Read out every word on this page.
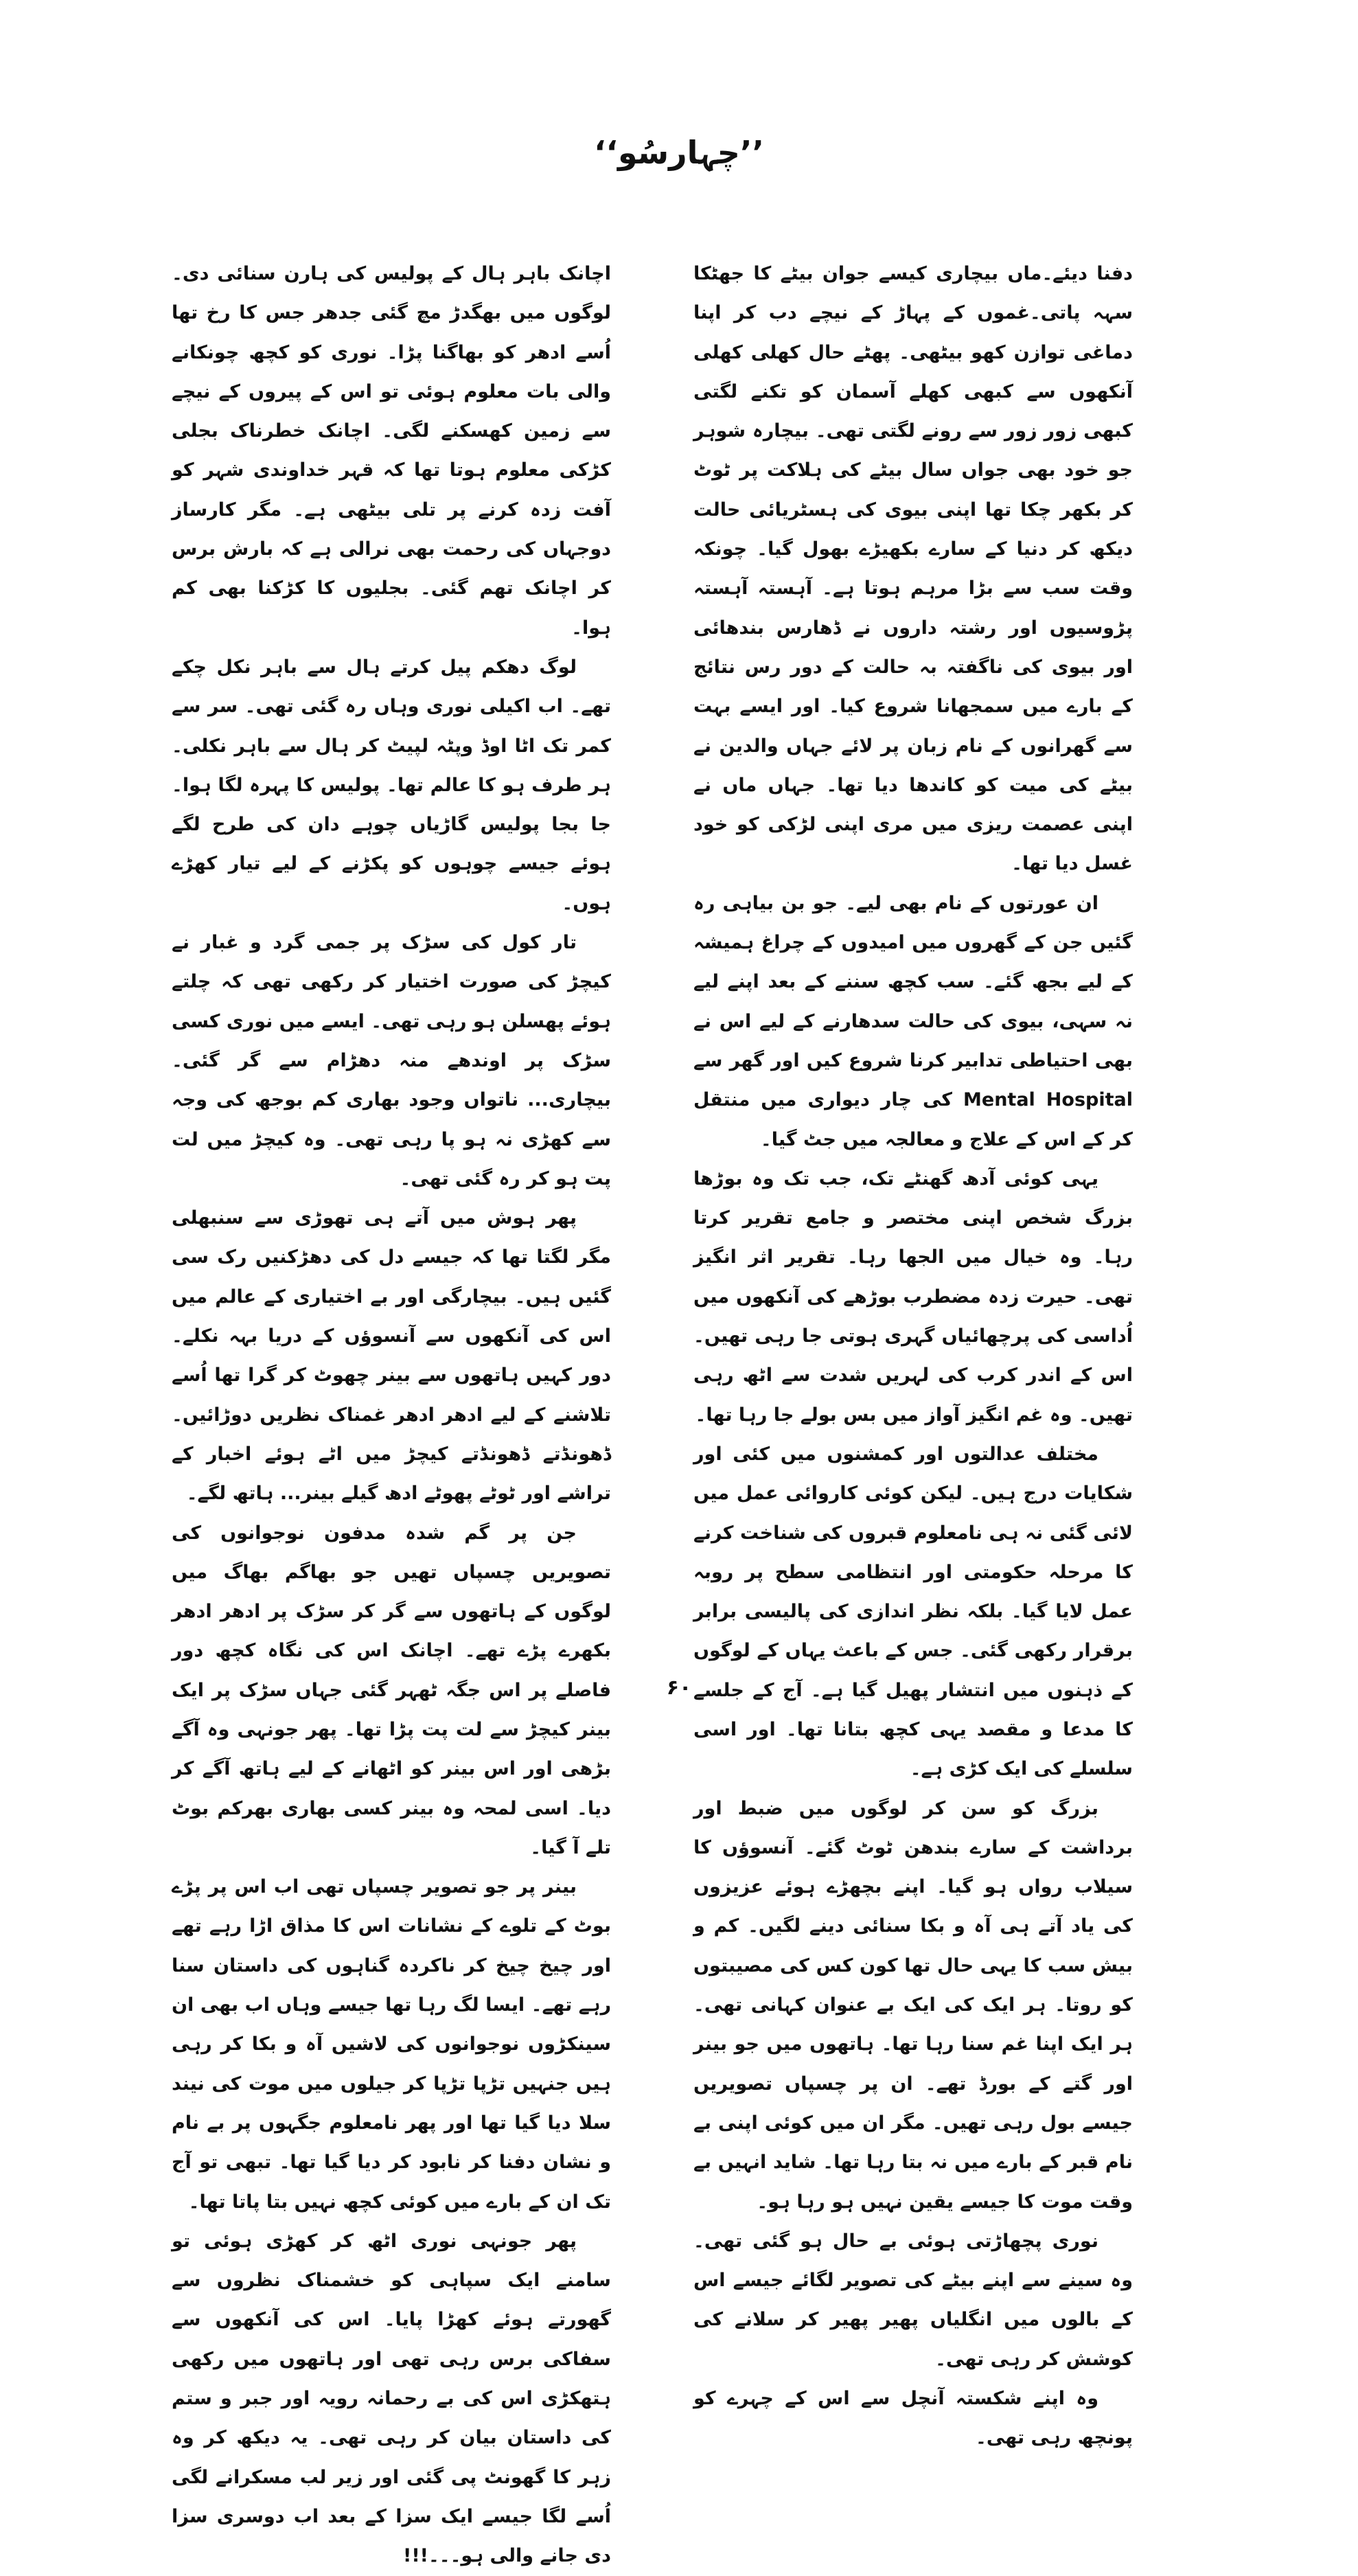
’’چہارسُو‘‘

دفنا دیئے۔ماں بیچاری کیسے جوان بیٹے کا جھٹکا سہہ پاتی۔غموں کے پہاڑ کے نیچے دب کر اپنا دماغی توازن کھو بیٹھی۔ پھٹے حال کھلی کھلی آنکھوں سے کبھی کھلے آسمان کو تکنے لگتی کبھی زور زور سے رونے لگتی تھی۔ بیچارہ شوہر جو خود بھی جواں سال بیٹے کی ہلاکت پر ٹوٹ کر بکھر چکا تھا اپنی بیوی کی ہسٹریائی حالت دیکھ کر دنیا کے سارے بکھیڑے بھول گیا۔ چونکہ وقت سب سے بڑا مرہم ہوتا ہے۔ آہستہ آہستہ پڑوسیوں اور رشتہ داروں نے ڈھارس بندھائی اور بیوی کی ناگفتہ بہ حالت کے دور رس نتائج کے بارے میں سمجھانا شروع کیا۔ اور ایسے بہت سے گھرانوں کے نام زبان پر لائے جہاں والدین نے بیٹے کی میت کو کاندھا دیا تھا۔ جہاں ماں نے اپنی عصمت ریزی میں مری اپنی لڑکی کو خود غسل دیا تھا۔

ان عورتوں کے نام بھی لیے۔ جو بن بیاہی رہ گئیں جن کے گھروں میں امیدوں کے چراغ ہمیشہ کے لیے بجھ گئے۔ سب کچھ سننے کے بعد اپنے لیے نہ سہی، بیوی کی حالت سدھارنے کے لیے اس نے بھی احتیاطی تدابیر کرنا شروع کیں اور گھر سے Mental Hospital کی چار دیواری میں منتقل کر کے اس کے علاج و معالجہ میں جٹ گیا۔

یہی کوئی آدھ گھنٹے تک، جب تک وہ بوڑھا بزرگ شخص اپنی مختصر و جامع تقریر کرتا رہا۔ وہ خیال میں الجھا رہا۔ تقریر اثر انگیز تھی۔ حیرت زدہ مضطرب بوڑھے کی آنکھوں میں اُداسی کی پرچھائیاں گہری ہوتی جا رہی تھیں۔ اس کے اندر کرب کی لہریں شدت سے اٹھ رہی تھیں۔ وہ غم انگیز آواز میں بس بولے جا رہا تھا۔

مختلف عدالتوں اور کمشنوں میں کئی اور شکایات درج ہیں۔ لیکن کوئی کاروائی عمل میں لائی گئی نہ ہی نامعلوم قبروں کی شناخت کرنے کا مرحلہ حکومتی اور انتظامی سطح پر روبہ عمل لایا گیا۔ بلکہ نظر اندازی کی پالیسی برابر برقرار رکھی گئی۔ جس کے باعث یہاں کے لوگوں کے ذہنوں میں انتشار پھیل گیا ہے۔ آج کے جلسے کا مدعا و مقصد یہی کچھ بتانا تھا۔ اور اسی سلسلے کی ایک کڑی ہے۔

بزرگ کو سن کر لوگوں میں ضبط اور برداشت کے سارے بندھن ٹوٹ گئے۔ آنسوؤں کا سیلاب رواں ہو گیا۔ اپنے بچھڑے ہوئے عزیزوں کی یاد آتے ہی آہ و بکا سنائی دینے لگیں۔ کم و بیش سب کا یہی حال تھا کون کس کی مصیبتوں کو روتا۔ ہر ایک کی ایک بے عنوان کہانی تھی۔ ہر ایک اپنا غم سنا رہا تھا۔ ہاتھوں میں جو بینر اور گتے کے بورڈ تھے۔ ان پر چسپاں تصویریں جیسے بول رہی تھیں۔ مگر ان میں کوئی اپنی بے نام قبر کے بارے میں نہ بتا رہا تھا۔ شاید انہیں بے وقت موت کا جیسے یقین نہیں ہو رہا ہو۔

نوری پچھاڑتی ہوئی بے حال ہو گئی تھی۔ وہ سینے سے اپنے بیٹے کی تصویر لگائے جیسے اس کے بالوں میں انگلیاں پھیر پھیر کر سلانے کی کوشش کر رہی تھی۔

وہ اپنے شکستہ آنچل سے اس کے چہرے کو پونچھ رہی تھی۔

اچانک باہر ہال کے پولیس کی ہارن سنائی دی۔ لوگوں میں بھگدڑ مچ گئی جدھر جس کا رخ تھا اُسے ادھر کو بھاگنا پڑا۔ نوری کو کچھ چونکانے والی بات معلوم ہوئی تو اس کے پیروں کے نیچے سے زمین کھسکنے لگی۔ اچانک خطرناک بجلی کڑکی معلوم ہوتا تھا کہ قہر خداوندی شہر کو آفت زدہ کرنے پر تلی بیٹھی ہے۔ مگر کارساز دوجہاں کی رحمت بھی نرالی ہے کہ بارش برس کر اچانک تھم گئی۔ بجلیوں کا کڑکنا بھی کم ہوا۔

لوگ دھکم پیل کرتے ہال سے باہر نکل چکے تھے۔ اب اکیلی نوری وہاں رہ گئی تھی۔ سر سے کمر تک اٹا اوڈ وپٹہ لپیٹ کر ہال سے باہر نکلی۔ ہر طرف ہو کا عالم تھا۔ پولیس کا پہرہ لگا ہوا۔ جا بجا پولیس گاڑیاں چوہے دان کی طرح لگے ہوئے جیسے چوہوں کو پکڑنے کے لیے تیار کھڑے ہوں۔

تار کول کی سڑک پر جمی گرد و غبار نے کیچڑ کی صورت اختیار کر رکھی تھی کہ چلتے ہوئے پھسلن ہو رہی تھی۔ ایسے میں نوری کسی سڑک پر اوندھے منہ دھڑام سے گر گئی۔ بیچاری... ناتواں وجود بھاری کم بوجھ کی وجہ سے کھڑی نہ ہو پا رہی تھی۔ وہ کیچڑ میں لت پت ہو کر رہ گئی تھی۔

پھر ہوش میں آتے ہی تھوڑی سے سنبھلی مگر لگتا تھا کہ جیسے دل کی دھڑکنیں رک سی گئیں ہیں۔ بیچارگی اور بے اختیاری کے عالم میں اس کی آنکھوں سے آنسوؤں کے دریا بہہ نکلے۔ دور کہیں ہاتھوں سے بینر چھوٹ کر گرا تھا اُسے تلاشنے کے لیے ادھر ادھر غمناک نظریں دوڑائیں۔ ڈھونڈتے ڈھونڈتے کیچڑ میں اٹے ہوئے اخبار کے تراشے اور ٹوٹے پھوٹے ادھ گیلے بینر... ہاتھ لگے۔

جن پر گم شدہ مدفون نوجوانوں کی تصویریں چسپاں تھیں جو بھاگم بھاگ میں لوگوں کے ہاتھوں سے گر کر سڑک پر ادھر ادھر بکھرے پڑے تھے۔ اچانک اس کی نگاہ کچھ دور فاصلے پر اس جگہ ٹھہر گئی جہاں سڑک پر ایک بینر کیچڑ سے لت پت پڑا تھا۔ پھر جونہی وہ آگے بڑھی اور اس بینر کو اٹھانے کے لیے ہاتھ آگے کر دیا۔ اسی لمحہ وہ بینر کسی بھاری بھرکم بوٹ تلے آ گیا۔

بینر پر جو تصویر چسپاں تھی اب اس پر پڑے بوٹ کے تلوے کے نشانات اس کا مذاق اڑا رہے تھے اور چیخ چیخ کر ناکردہ گناہوں کی داستان سنا رہے تھے۔ ایسا لگ رہا تھا جیسے وہاں اب بھی ان سینکڑوں نوجوانوں کی لاشیں آہ و بکا کر رہی ہیں جنہیں تڑپا تڑپا کر جیلوں میں موت کی نیند سلا دیا گیا تھا اور پھر نامعلوم جگہوں پر بے نام و نشان دفنا کر نابود کر دیا گیا تھا۔ تبھی تو آج تک ان کے بارے میں کوئی کچھ نہیں بتا پاتا تھا۔

پھر جونہی نوری اٹھ کر کھڑی ہوئی تو سامنے ایک سپاہی کو خشمناک نظروں سے گھورتے ہوئے کھڑا پایا۔ اس کی آنکھوں سے سفاکی برس رہی تھی اور ہاتھوں میں رکھی ہتھکڑی اس کی بے رحمانہ رویہ اور جبر و ستم کی داستان بیان کر رہی تھی۔ یہ دیکھ کر وہ زہر کا گھونٹ پی گئی اور زیر لب مسکرانے لگی اُسے لگا جیسے ایک سزا کے بعد اب دوسری سزا دی جانے والی ہو۔۔۔!!!

۶۰
